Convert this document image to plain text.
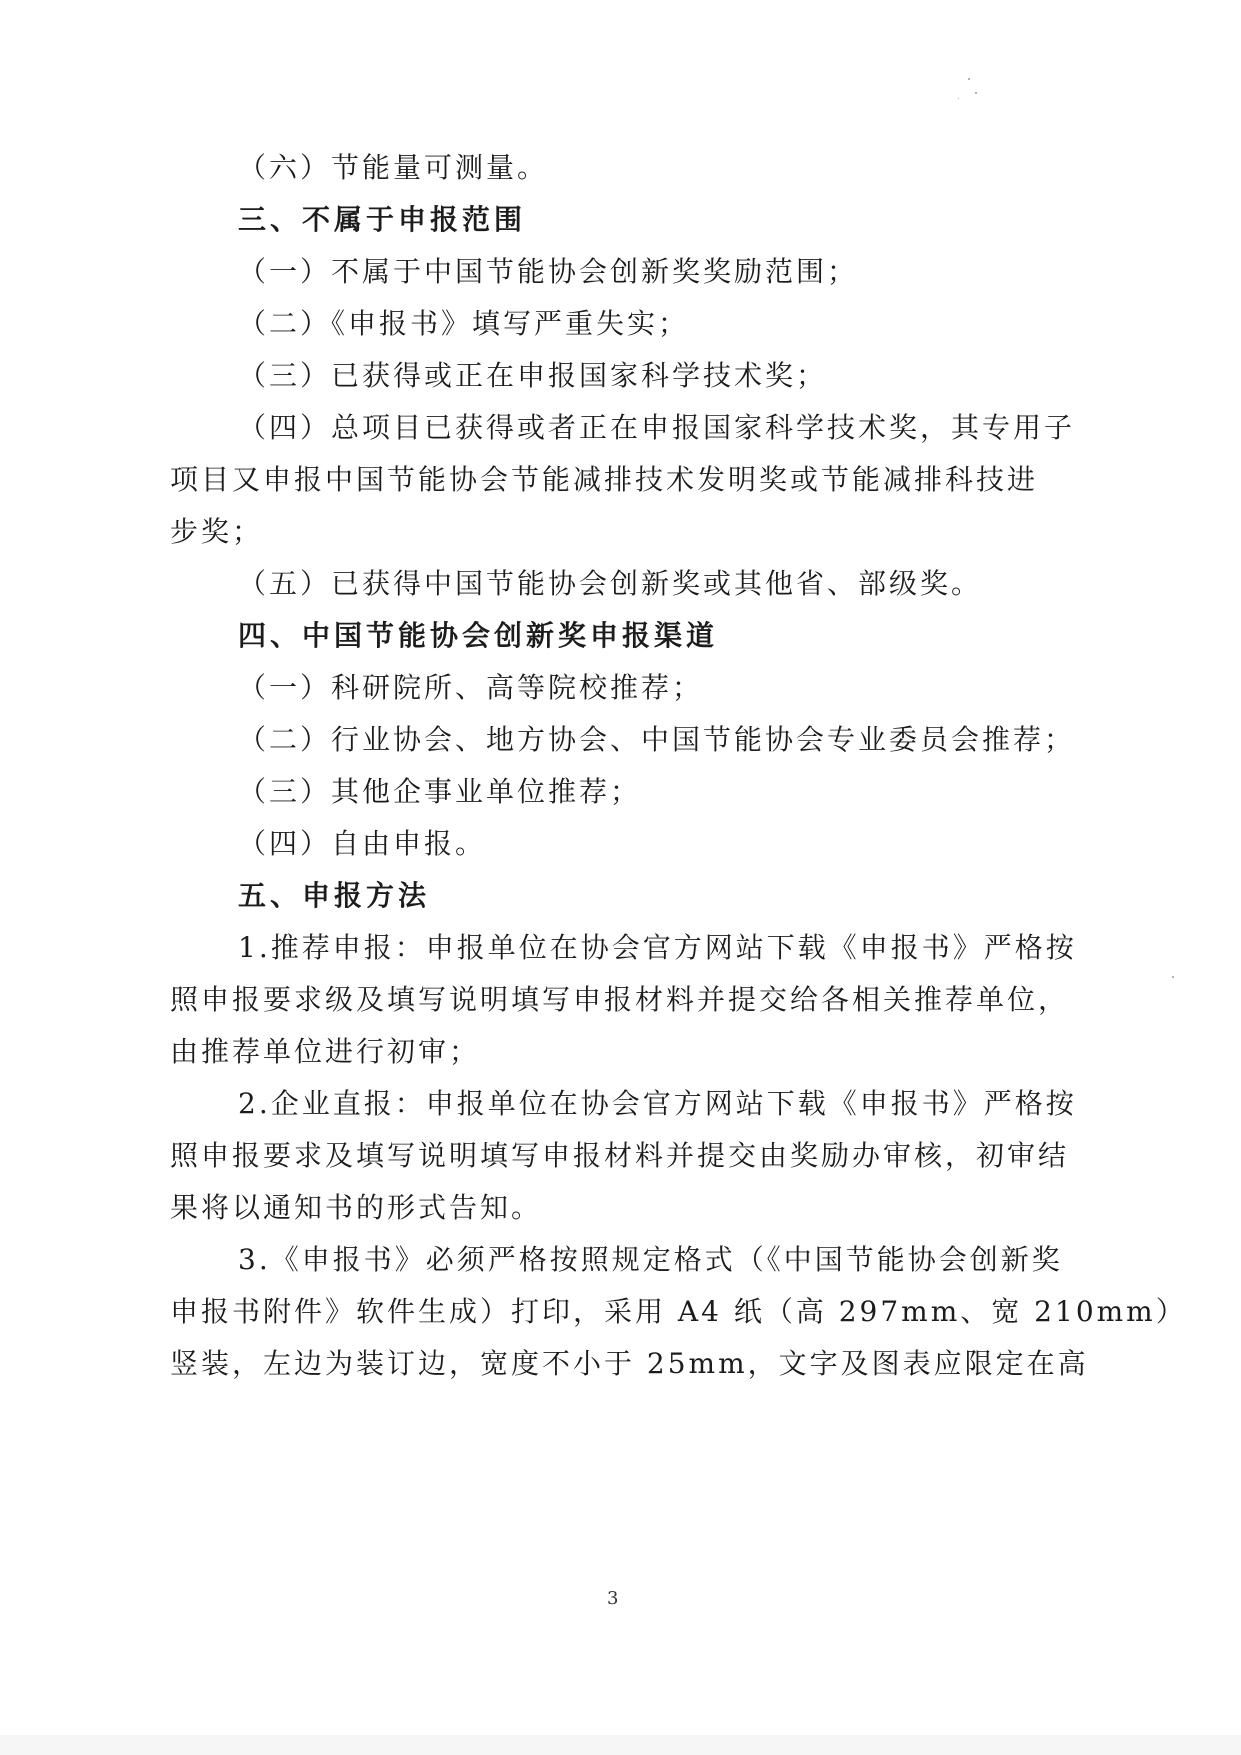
（六）节能量可测量。
三、不属于申报范围
（一）不属于中国节能协会创新奖奖励范围；
（二）《申报书》填写严重失实；
（三）已获得或正在申报国家科学技术奖；
（四）总项目已获得或者正在申报国家科学技术奖，其专用子
项目又申报中国节能协会节能减排技术发明奖或节能减排科技进
步奖；
（五）已获得中国节能协会创新奖或其他省、部级奖。
四、中国节能协会创新奖申报渠道
（一）科研院所、高等院校推荐；
（二）行业协会、地方协会、中国节能协会专业委员会推荐；
（三）其他企事业单位推荐；
（四）自由申报。
五、申报方法
1.推荐申报：申报单位在协会官方网站下载《申报书》严格按
照申报要求级及填写说明填写申报材料并提交给各相关推荐单位，
由推荐单位进行初审；
2.企业直报：申报单位在协会官方网站下载《申报书》严格按
照申报要求及填写说明填写申报材料并提交由奖励办审核，初审结
果将以通知书的形式告知。
3.《申报书》必须严格按照规定格式（《中国节能协会创新奖
申报书附件》软件生成）打印，采用 A4 纸（高 297mm、宽 210mm）
竖装，左边为装订边，宽度不小于 25mm，文字及图表应限定在高
3
